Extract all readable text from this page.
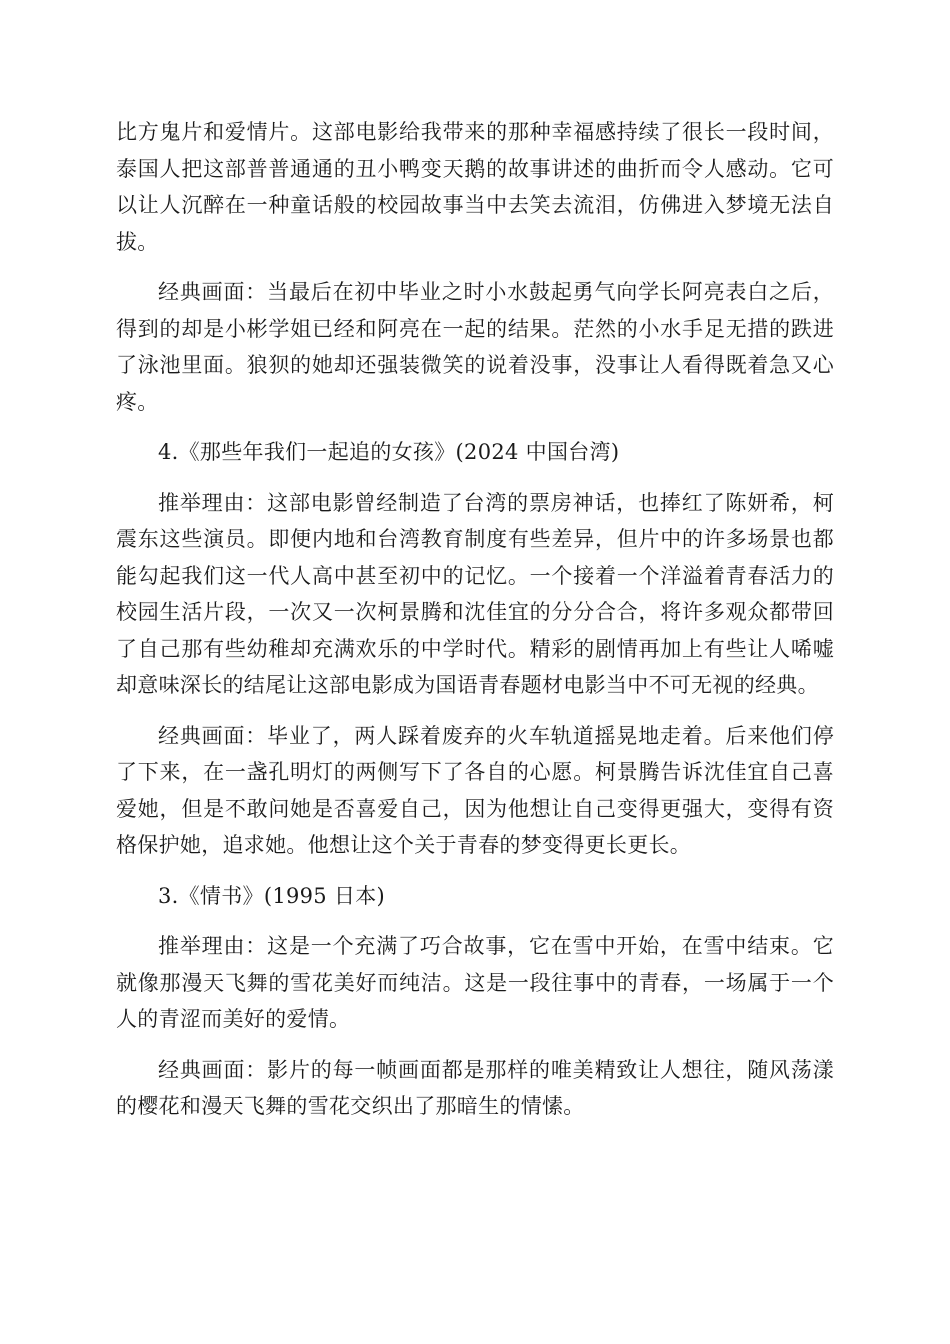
比方鬼片和爱情片。这部电影给我带来的那种幸福感持续了很长一段时间，泰国人把这部普普通通的丑小鸭变天鹅的故事讲述的曲折而令人感动。它可以让人沉醉在一种童话般的校园故事当中去笑去流泪，仿佛进入梦境无法自拔。

经典画面：当最后在初中毕业之时小水鼓起勇气向学长阿亮表白之后，得到的却是小彬学姐已经和阿亮在一起的结果。茫然的小水手足无措的跌进了泳池里面。狼狈的她却还强装微笑的说着没事，没事让人看得既着急又心疼。

4.《那些年我们一起追的女孩》(2024 中国台湾)

推举理由：这部电影曾经制造了台湾的票房神话，也捧红了陈妍希，柯震东这些演员。即便内地和台湾教育制度有些差异，但片中的许多场景也都能勾起我们这一代人高中甚至初中的记忆。一个接着一个洋溢着青春活力的校园生活片段，一次又一次柯景腾和沈佳宜的分分合合，将许多观众都带回了自己那有些幼稚却充满欢乐的中学时代。精彩的剧情再加上有些让人唏嘘却意味深长的结尾让这部电影成为国语青春题材电影当中不可无视的经典。

经典画面：毕业了，两人踩着废弃的火车轨道摇晃地走着。后来他们停了下来，在一盏孔明灯的两侧写下了各自的心愿。柯景腾告诉沈佳宜自己喜爱她，但是不敢问她是否喜爱自己，因为他想让自己变得更强大，变得有资格保护她，追求她。他想让这个关于青春的梦变得更长更长。

3.《情书》(1995 日本)

推举理由：这是一个充满了巧合故事，它在雪中开始，在雪中结束。它就像那漫天飞舞的雪花美好而纯洁。这是一段往事中的青春，一场属于一个人的青涩而美好的爱情。

经典画面：影片的每一帧画面都是那样的唯美精致让人想往，随风荡漾的樱花和漫天飞舞的雪花交织出了那暗生的情愫。
